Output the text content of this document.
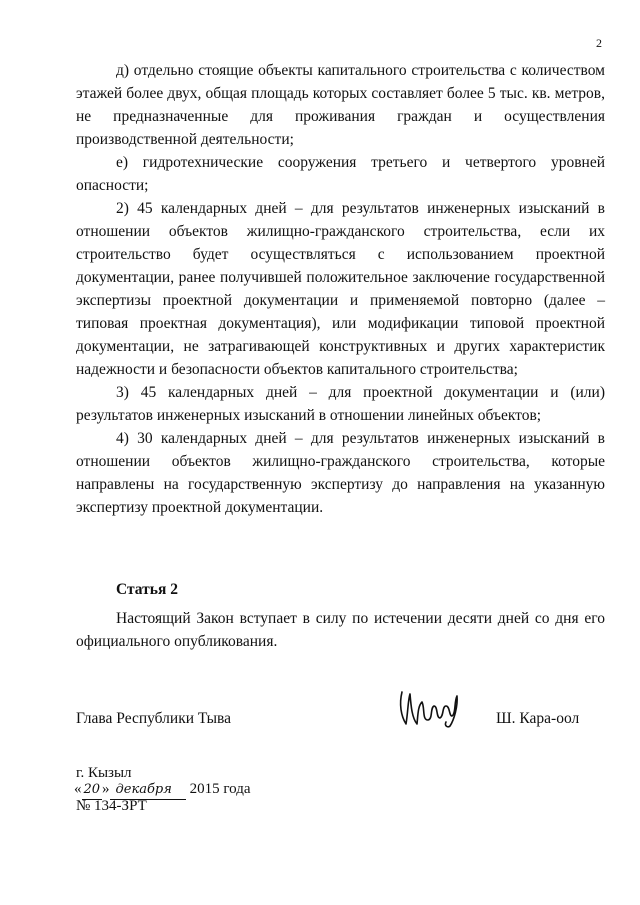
2

д) отдельно стоящие объекты капитального строительства с количеством этажей более двух, общая площадь которых составляет более 5 тыс. кв. метров, не предназначенные для проживания граждан и осуществления производственной деятельности;

е) гидротехнические сооружения третьего и четвертого уровней опасности;

2) 45 календарных дней – для результатов инженерных изысканий в отношении объектов жилищно-гражданского строительства, если их строительство будет осуществляться с использованием проектной документации, ранее получившей положительное заключение государственной экспертизы проектной документации и применяемой повторно (далее – типовая проектная документация), или модификации типовой проектной документации, не затрагивающей конструктивных и других характеристик надежности и безопасности объектов капитального строительства;

3) 45 календарных дней – для проектной документации и (или) результатов инженерных изысканий в отношении линейных объектов;

4) 30 календарных дней – для результатов инженерных изысканий в отношении объектов жилищно-гражданского строительства, которые направлены на государственную экспертизу до направления на указанную экспертизу проектной документации.

Статья 2
Настоящий Закон вступает в силу по истечении десяти дней со дня его официального опубликования.
Глава Республики Тыва	Ш. Кара-оол
г. Кызыл
« 20 » декабря 2015 года
№ 134-ЗРТ
